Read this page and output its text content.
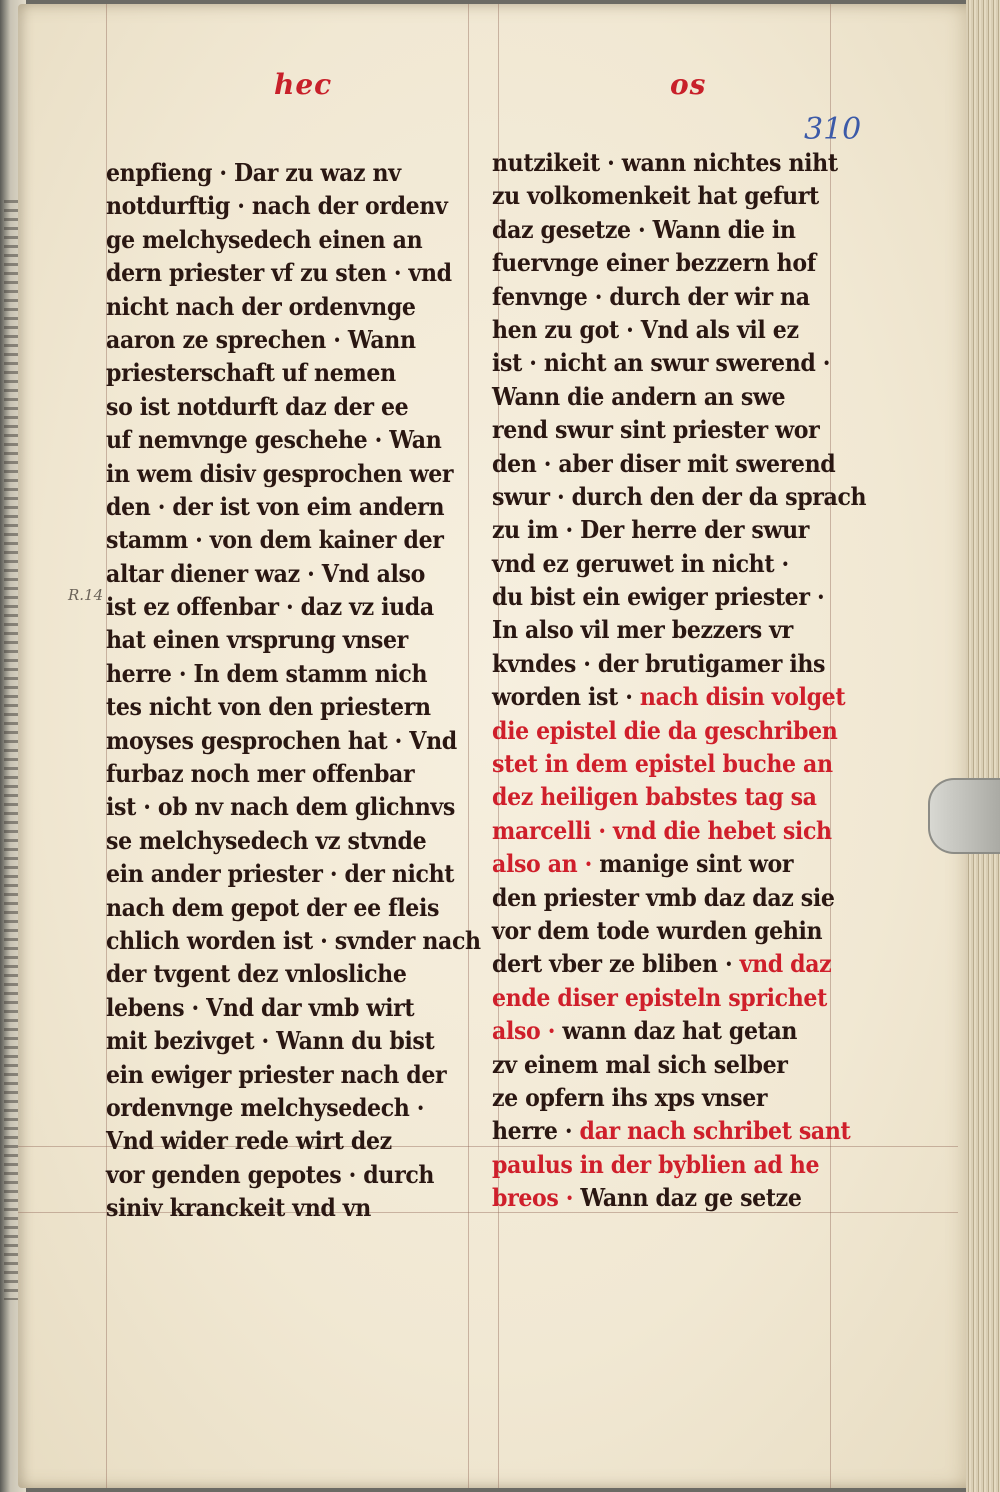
hec	os
310
R.14
enpfieng · Dar zu waz nv
notdurftig · nach der ordenv
ge melchysedech einen an
dern priester vf zu sten · vnd
nicht nach der ordenvnge
aaron ze sprechen · Wann
priesterschaft uf nemen
so ist notdurft daz der ee
uf nemvnge geschehe · Wan
in wem disiv gesprochen wer
den · der ist von eim andern
stamm · von dem kainer der
altar diener waz · Vnd also
ist ez offenbar · daz vz iuda
hat einen vrsprung vnser
herre · In dem stamm nich
tes nicht von den priestern
moyses gesprochen hat · Vnd
furbaz noch mer offenbar
ist · ob nv nach dem glichnvs
se melchysedech vz stvnde
ein ander priester · der nicht
nach dem gepot der ee fleis
chlich worden ist · svnder nach
der tvgent dez vnlosliche
lebens · Vnd dar vmb wirt
mit bezivget · Wann du bist
ein ewiger priester nach der
ordenvnge melchysedech ·
Vnd wider rede wirt dez
vor genden gepotes · durch
siniv kranckeit vnd vn
nutzikeit · wann nichtes niht
zu volkomenkeit hat gefurt
daz gesetze · Wann die in
fuervnge einer bezzern hof
fenvnge · durch der wir na
hen zu got · Vnd als vil ez
ist · nicht an swur swerend ·
Wann die andern an swe
rend swur sint priester wor
den · aber diser mit swerend
swur · durch den der da sprach
zu im · Der herre der swur
vnd ez geruwet in nicht ·
du bist ein ewiger priester ·
In also vil mer bezzers vr
kvndes · der brutigamer ihs
worden ist · nach disin volget
die epistel die da geschriben
stet in dem epistel buche an
dez heiligen babstes tag sa
marcelli · vnd die hebet sich
also an · manige sint wor
den priester vmb daz daz sie
vor dem tode wurden gehin
dert vber ze bliben · vnd daz
ende diser episteln sprichet
also · wann daz hat getan
zv einem mal sich selber
ze opfern ihs xps vnser
herre · dar nach schribet sant
paulus in der byblien ad he
breos · Wann daz ge setze
